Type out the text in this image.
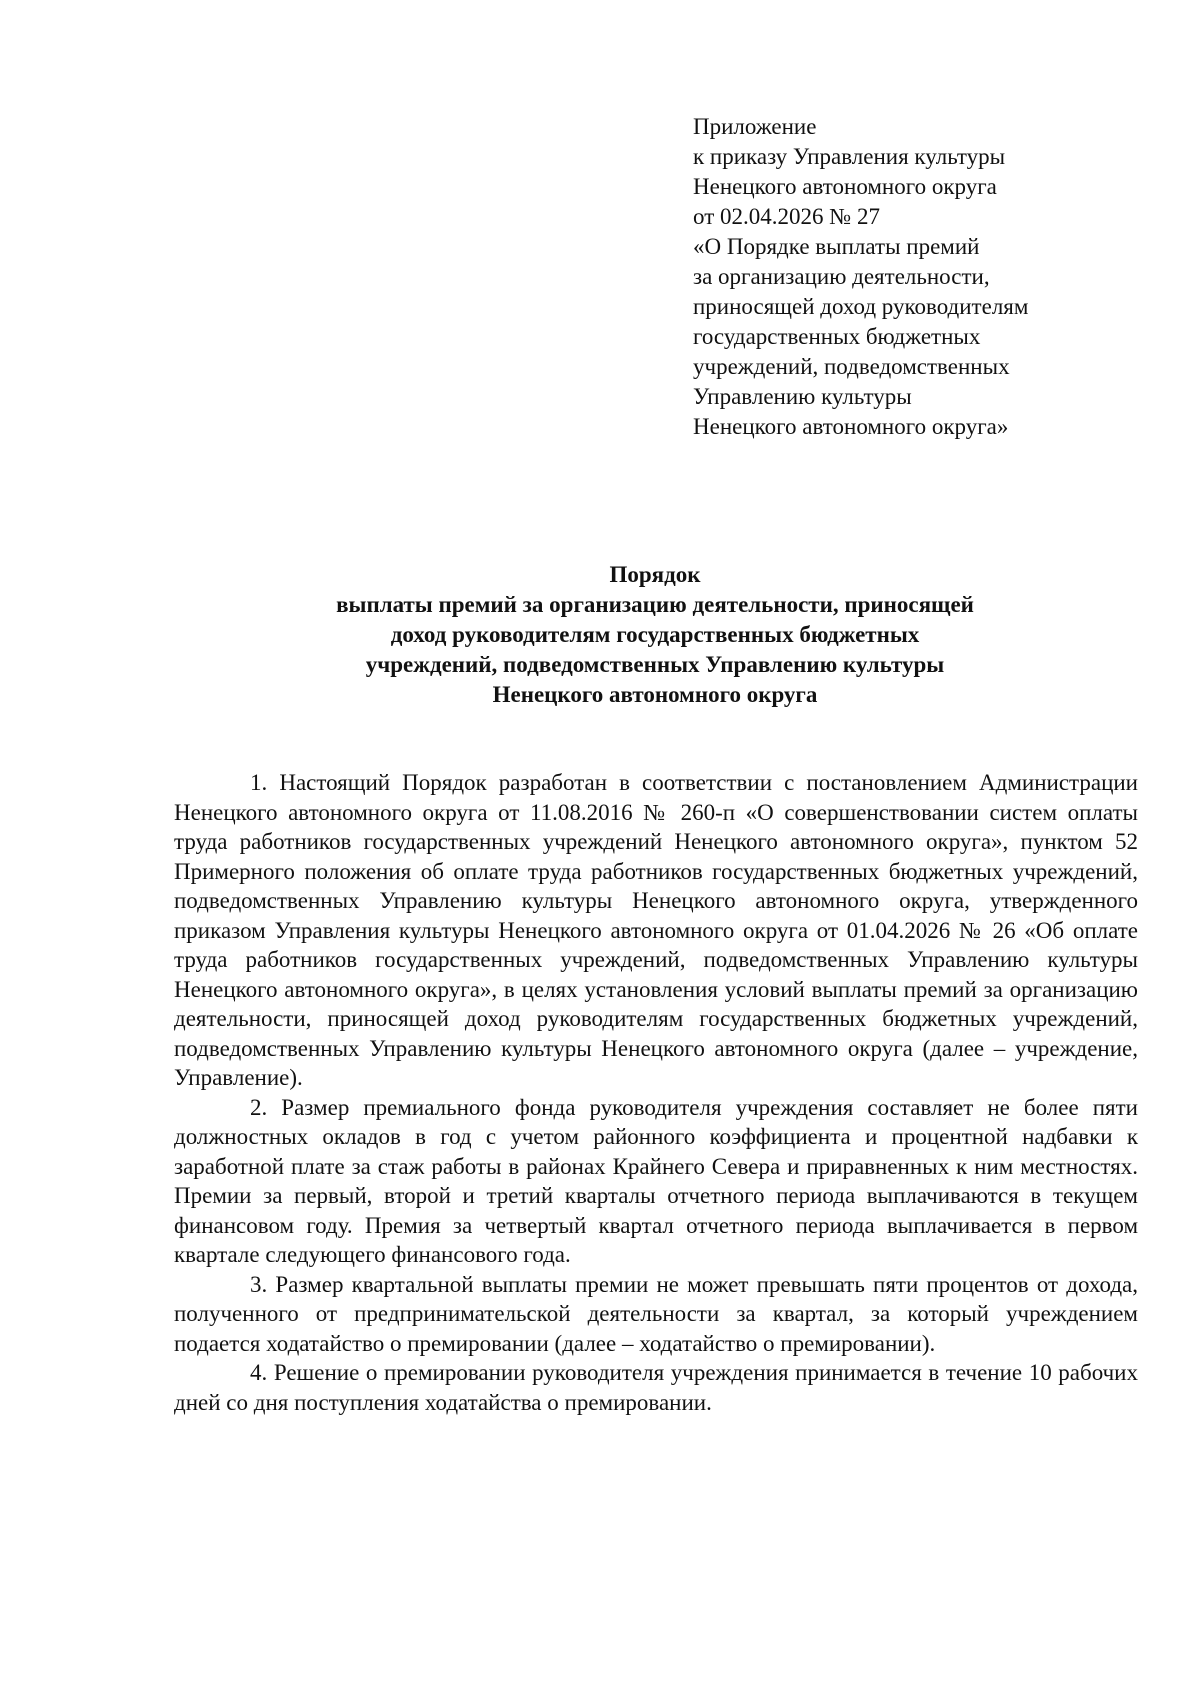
Приложение
к приказу Управления культуры
Ненецкого автономного округа
от 02.04.2026 № 27
«О Порядке выплаты премий
за организацию деятельности,
приносящей доход руководителям
государственных бюджетных
учреждений, подведомственных
Управлению культуры
Ненецкого автономного округа»
Порядок
выплаты премий за организацию деятельности, приносящей
доход руководителям государственных бюджетных
учреждений, подведомственных Управлению культуры
Ненецкого автономного округа

1. Настоящий Порядок разработан в соответствии с постановлением Администрации Ненецкого автономного округа от 11.08.2016 № 260-п «О совершенствовании систем оплаты труда работников государственных учреждений Ненецкого автономного округа», пунктом 52 Примерного положения об оплате труда работников государственных бюджетных учреждений, подведомственных Управлению культуры Ненецкого автономного округа, утвержденного приказом Управления культуры Ненецкого автономного округа от 01.04.2026 № 26 «Об оплате труда работников государственных учреждений, подведомственных Управлению культуры Ненецкого автономного округа», в целях установления условий выплаты премий за организацию деятельности, приносящей доход руководителям государственных бюджетных учреждений, подведомственных Управлению культуры Ненецкого автономного округа (далее – учреждение, Управление).

2. Размер премиального фонда руководителя учреждения составляет не более пяти должностных окладов в год с учетом районного коэффициента и процентной надбавки к заработной плате за стаж работы в районах Крайнего Севера и приравненных к ним местностях. Премии за первый, второй и третий кварталы отчетного периода выплачиваются в текущем финансовом году. Премия за четвертый квартал отчетного периода выплачивается в первом квартале следующего финансового года.

3. Размер квартальной выплаты премии не может превышать пяти процентов от дохода, полученного от предпринимательской деятельности за квартал, за который учреждением подается ходатайство о премировании (далее – ходатайство о премировании).

4. Решение о премировании руководителя учреждения принимается в течение 10 рабочих дней со дня поступления ходатайства о премировании.
